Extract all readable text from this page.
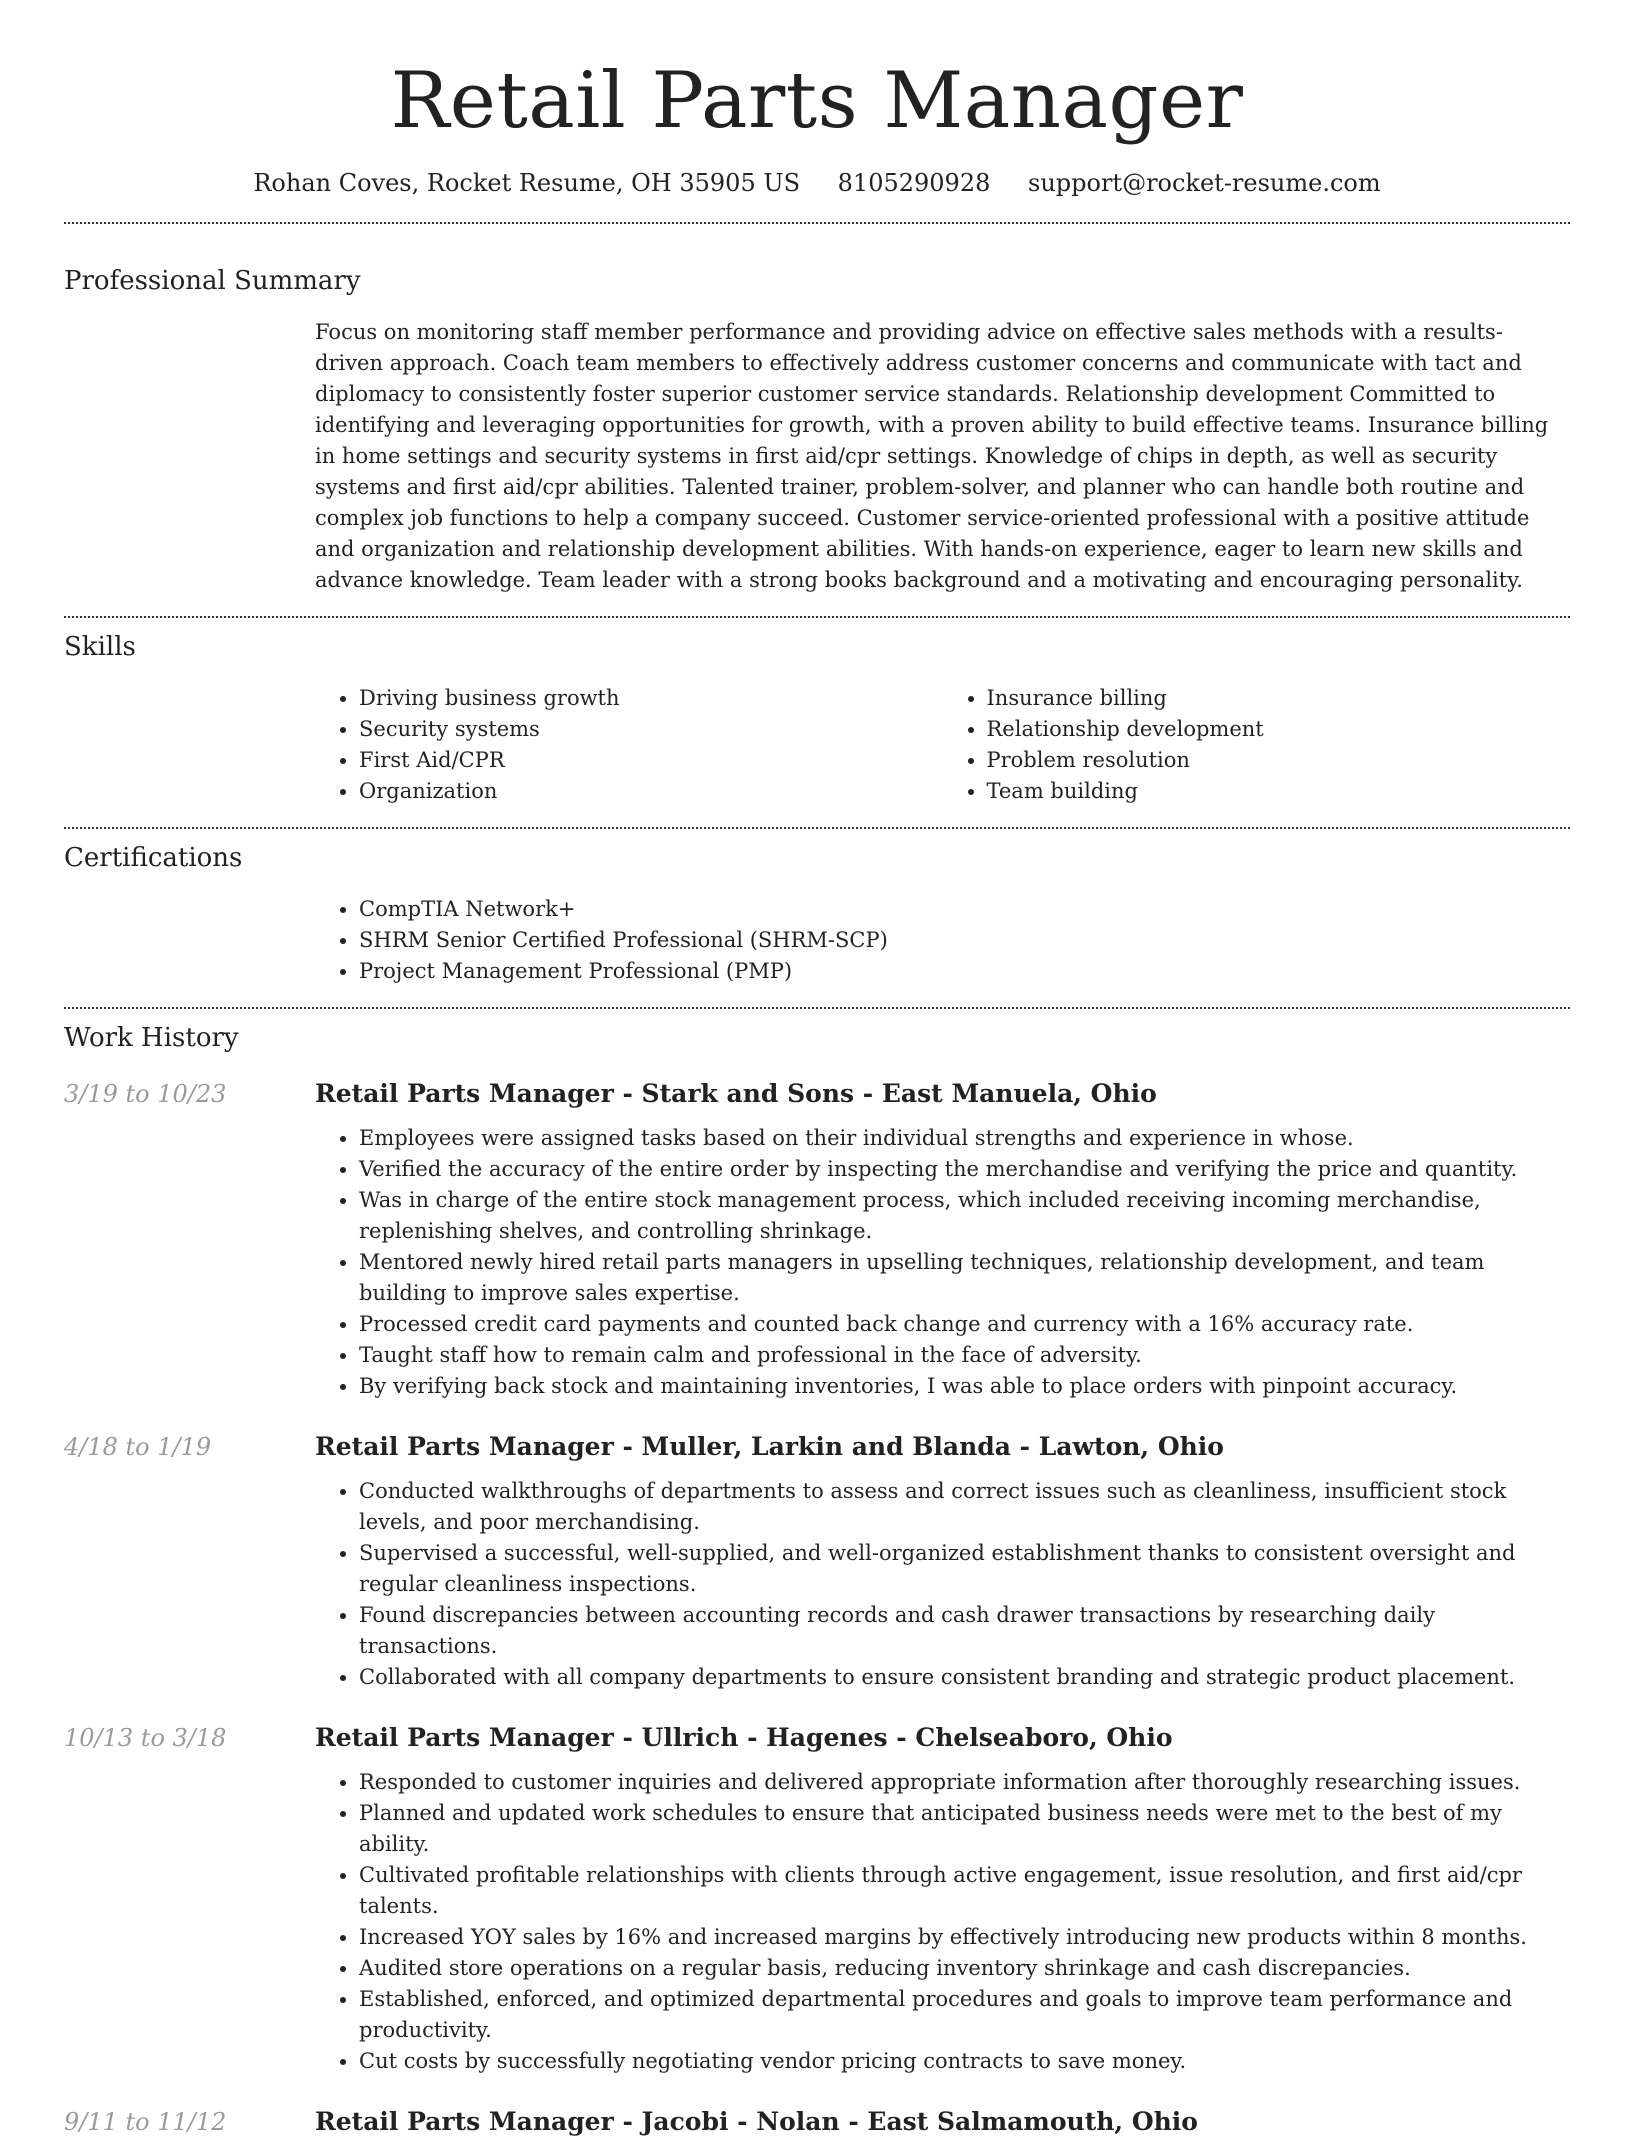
Retail Parts Manager
Rohan Coves, Rocket Resume, OH 35905 US 8105290928 support@rocket-resume.com
Professional Summary

Focus on monitoring staff member performance and providing advice on effective sales methods with a results-driven approach. Coach team members to effectively address customer concerns and communicate with tact and diplomacy to consistently foster superior customer service standards. Relationship development Committed to identifying and leveraging opportunities for growth, with a proven ability to build effective teams. Insurance billing in home settings and security systems in first aid/cpr settings. Knowledge of chips in depth, as well as security systems and first aid/cpr abilities. Talented trainer, problem-solver, and planner who can handle both routine and complex job functions to help a company succeed. Customer service-oriented professional with a positive attitude and organization and relationship development abilities. With hands-on experience, eager to learn new skills and advance knowledge. Team leader with a strong books background and a motivating and encouraging personality.

Skills
• Driving business growth
• Security systems
• First Aid/CPR
• Organization
• Insurance billing
• Relationship development
• Problem resolution
• Team building
Certifications
• CompTIA Network+
• SHRM Senior Certified Professional (SHRM-SCP)
• Project Management Professional (PMP)
Work History
3/19 to 10/23	Retail Parts Manager - Stark and Sons - East Manuela, Ohio
• Employees were assigned tasks based on their individual strengths and experience in whose.
• Verified the accuracy of the entire order by inspecting the merchandise and verifying the price and quantity.
• Was in charge of the entire stock management process, which included receiving incoming merchandise, replenishing shelves, and controlling shrinkage.
• Mentored newly hired retail parts managers in upselling techniques, relationship development, and team building to improve sales expertise.
• Processed credit card payments and counted back change and currency with a 16% accuracy rate.
• Taught staff how to remain calm and professional in the face of adversity.
• By verifying back stock and maintaining inventories, I was able to place orders with pinpoint accuracy.
4/18 to 1/19	Retail Parts Manager - Muller, Larkin and Blanda - Lawton, Ohio
• Conducted walkthroughs of departments to assess and correct issues such as cleanliness, insufficient stock levels, and poor merchandising.
• Supervised a successful, well-supplied, and well-organized establishment thanks to consistent oversight and regular cleanliness inspections.
• Found discrepancies between accounting records and cash drawer transactions by researching daily transactions.
• Collaborated with all company departments to ensure consistent branding and strategic product placement.
10/13 to 3/18	Retail Parts Manager - Ullrich - Hagenes - Chelseaboro, Ohio
• Responded to customer inquiries and delivered appropriate information after thoroughly researching issues.
• Planned and updated work schedules to ensure that anticipated business needs were met to the best of my ability.
• Cultivated profitable relationships with clients through active engagement, issue resolution, and first aid/cpr talents.
• Increased YOY sales by 16% and increased margins by effectively introducing new products within 8 months.
• Audited store operations on a regular basis, reducing inventory shrinkage and cash discrepancies.
• Established, enforced, and optimized departmental procedures and goals to improve team performance and productivity.
• Cut costs by successfully negotiating vendor pricing contracts to save money.
9/11 to 11/12	Retail Parts Manager - Jacobi - Nolan - East Salmamouth, Ohio
